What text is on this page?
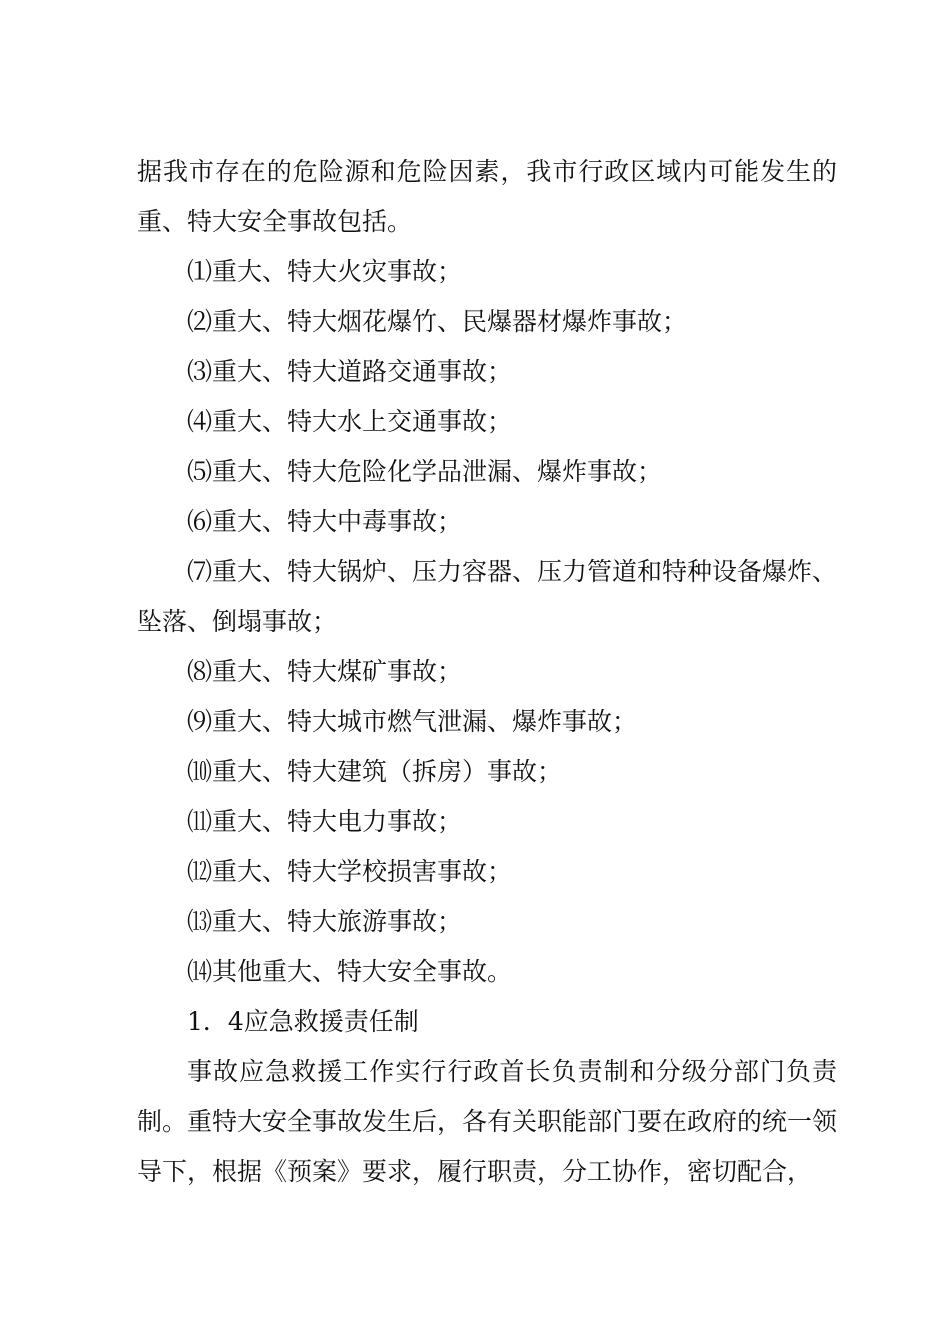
据我市存在的危险源和危险因素，我市行政区域内可能发生的重、特大安全事故包括。

⑴重大、特大火灾事故；

⑵重大、特大烟花爆竹、民爆器材爆炸事故；

⑶重大、特大道路交通事故；

⑷重大、特大水上交通事故；

⑸重大、特大危险化学品泄漏、爆炸事故；

⑹重大、特大中毒事故；

⑺重大、特大锅炉、压力容器、压力管道和特种设备爆炸、坠落、倒塌事故；

⑻重大、特大煤矿事故；

⑼重大、特大城市燃气泄漏、爆炸事故；

⑽重大、特大建筑（拆房）事故；

⑾重大、特大电力事故；

⑿重大、特大学校损害事故；

⒀重大、特大旅游事故；

⒁其他重大、特大安全事故。

1．4应急救援责任制

事故应急救援工作实行行政首长负责制和分级分部门负责制。重特大安全事故发生后，各有关职能部门要在政府的统一领导下，根据《预案》要求，履行职责，分工协作，密切配合，
